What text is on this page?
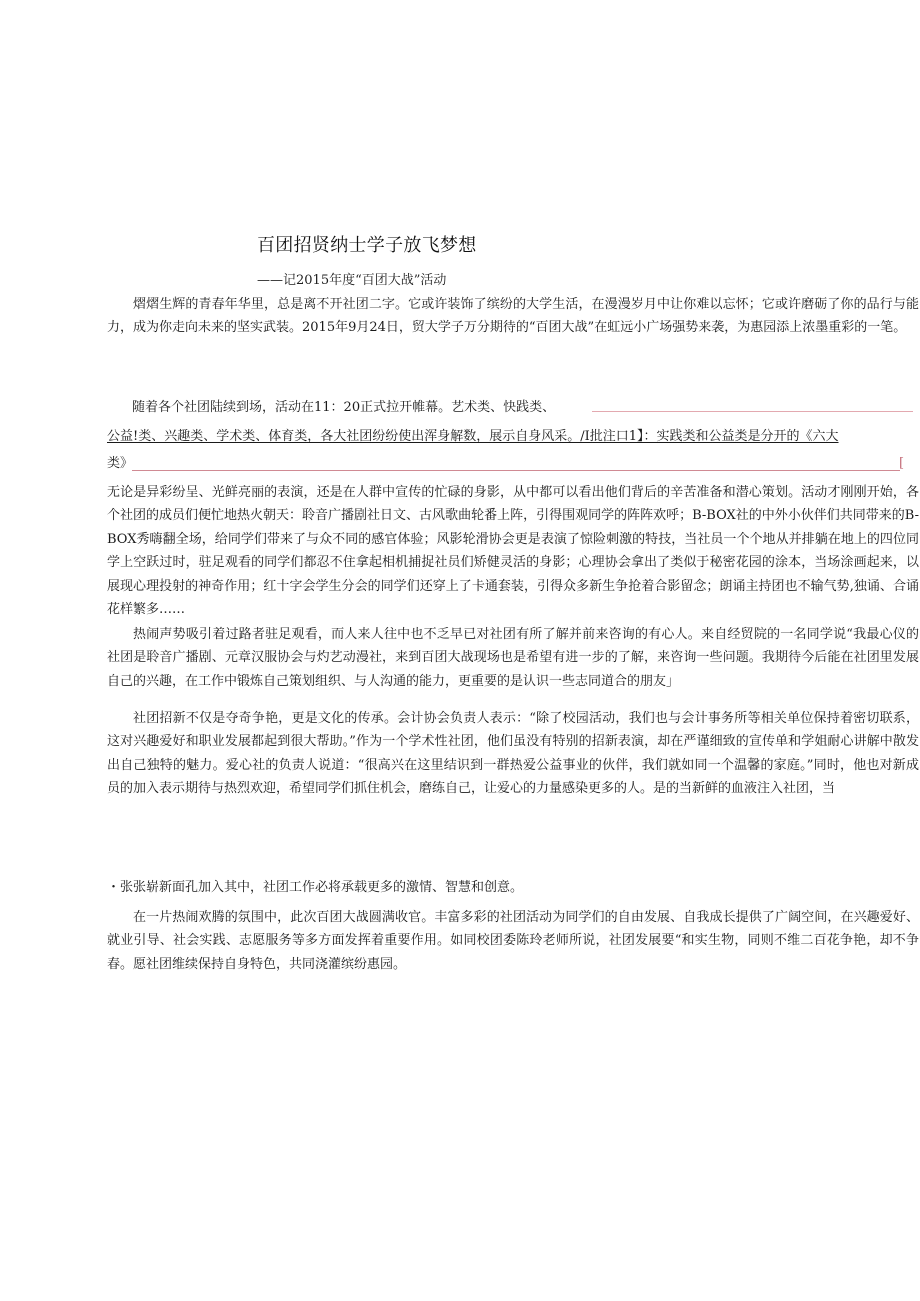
百团招贤纳士学子放飞梦想
——记2015年度“百团大战”活动

熠熠生辉的青春年华里，总是离不开社团二字。它或许装饰了缤纷的大学生活，在漫漫岁月中让你难以忘怀；它或许磨砺了你的品行与能力，成为你走向未来的坚实武装。2015年9月24日，贸大学子万分期待的“百团大战”在虹远小广场强势来袭，为惠园添上浓墨重彩的一笔。

随着各个社团陆续到场，活动在11：20正式拉开帷幕。艺术类、快践类、
公益!类、兴趣类、学术类、体育类，各大社团纷纷使出浑身解数，展示自身风采。/I批注口1】：实践类和公益类是分开的《六大
类》	[

无论是异彩纷呈、光鲜亮丽的表演，还是在人群中宣传的忙碌的身影，从中都可以看出他们背后的辛苦准备和潜心策划。活动才刚刚开始，各个社团的成员们便忙地热火朝天：聆音广播剧社日文、古风歌曲轮番上阵，引得围观同学的阵阵欢呼；B-BOX社的中外小伙伴们共同带来的B-BOX秀嗨翻全场，给同学们带来了与众不同的感官体验；风影轮滑协会更是表演了惊险刺激的特技，当社员一个个地从并排躺在地上的四位同学上空跃过时，驻足观看的同学们都忍不住拿起相机捕捉社员们矫健灵活的身影；心理协会拿出了类似于秘密花园的涂本，当场涂画起来，以展现心理投射的神奇作用；红十字会学生分会的同学们还穿上了卡通套装，引得众多新生争抢着合影留念；朗诵主持团也不输气势,独诵、合诵花样繁多……

热闹声势吸引着过路者驻足观看，而人来人往中也不乏早已对社团有所了解并前来咨询的有心人。来自经贸院的一名同学说“我最心仪的社团是聆音广播剧、元章汉服协会与灼艺动漫社，来到百团大战现场也是希望有进一步的了解，来咨询一些问题。我期待今后能在社团里发展自己的兴趣，在工作中锻炼自己策划组织、与人沟通的能力，更重要的是认识一些志同道合的朋友」

社团招新不仅是夺奇争艳，更是文化的传承。会计协会负责人表示：“除了校园活动，我们也与会计事务所等相关单位保持着密切联系，这对兴趣爱好和职业发展都起到很大帮助。”作为一个学术性社团，他们虽没有特别的招新表演，却在严谨细致的宣传单和学姐耐心讲解中散发出自己独特的魅力。爱心社的负责人说道：“很高兴在这里结识到一群热爱公益事业的伙伴，我们就如同一个温馨的家庭。”同时，他也对新成员的加入表示期待与热烈欢迎，希望同学们抓住机会，磨练自己，让爱心的力量感染更多的人。是的当新鲜的血液注入社团，当

・张张崭新面孔加入其中，社团工作必将承载更多的激情、智慧和创意。

在一片热闹欢腾的氛围中，此次百团大战圆满收官。丰富多彩的社团活动为同学们的自由发展、自我成长提供了广阔空间，在兴趣爱好、就业引导、社会实践、志愿服务等多方面发挥着重要作用。如同校团委陈玲老师所说，社团发展要“和实生物，同则不维二百花争艳，却不争春。愿社团维续保持自身特色，共同浇灌缤纷惠园。
